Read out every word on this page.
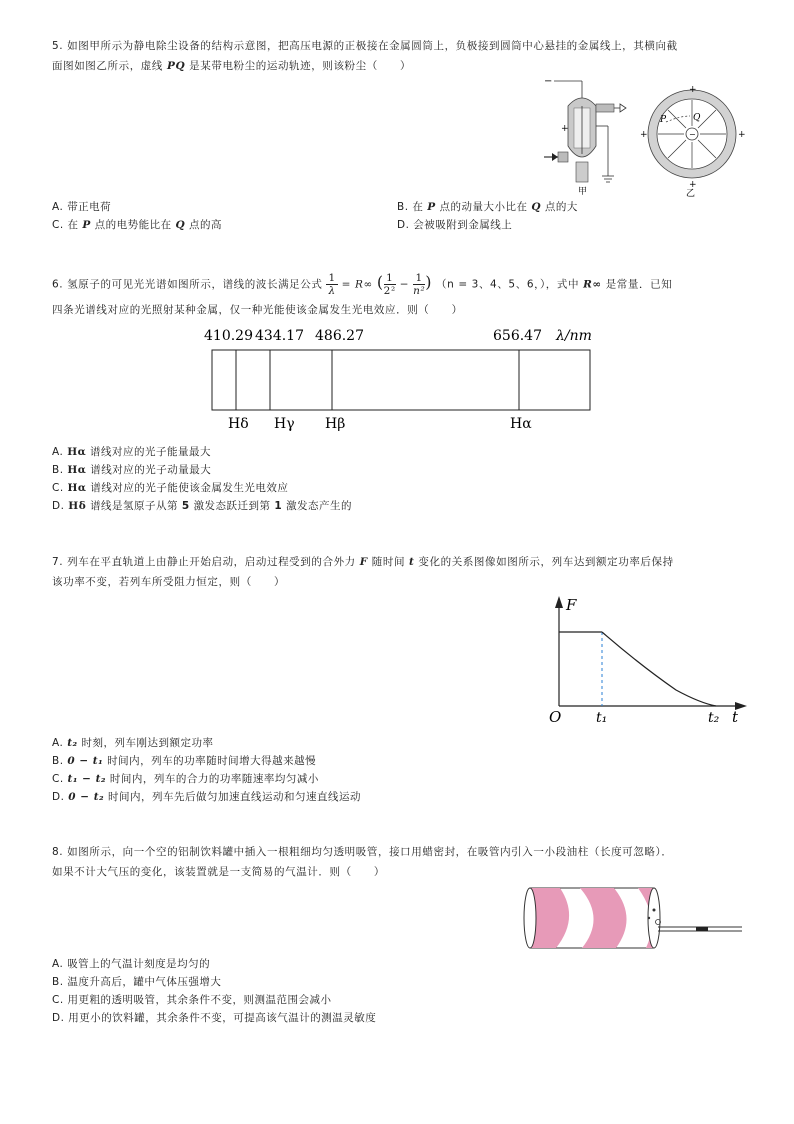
5. 如图甲所示为静电除尘设备的结构示意图，把高压电源的正极接在金属圆筒上，负极接到圆筒中心悬挂的金属线上，其横向截
面图如图乙所示，虚线 PQ 是某带电粉尘的运动轨迹，则该粉尘（　　）
−
+
甲
−
P	Q
+
+	+
+
乙
A. 带正电荷	B. 在 P 点的动量大小比在 Q 点的大
C. 在 P 点的电势能比在 Q 点的高	D. 会被吸附到金属线上
6. 氢原子的可见光光谱如图所示，谱线的波长满足公式 $\frac{1}{\lambda} = R\infty$ ( $\frac{1}{\text{2²}} - \frac{1}{\text{n²}}$ ) （n = 3、4、5、6，），式中 R∞ 是常量．已知
四条光谱线对应的光照射某种金属，仅一种光能使该金属发生光电效应．则（　　）
410.29 434.17 486.27	656.47 λ/nm
Hδ Hγ Hβ	Hα
A. Hα 谱线对应的光子能量最大
B. Hα 谱线对应的光子动量最大
C. Hα 谱线对应的光子能使该金属发生光电效应
D. Hδ 谱线是氢原子从第 5 激发态跃迁到第 1 激发态产生的
7. 列车在平直轨道上由静止开始启动，启动过程受到的合外力 F 随时间 t 变化的关系图像如图所示，列车达到额定功率后保持
该功率不变，若列车所受阻力恒定，则（　　）
F
t
O t₁	t₂
A. t₂ 时刻，列车刚达到额定功率
B. 0 − t₁ 时间内，列车的功率随时间增大得越来越慢
C. t₁ − t₂ 时间内，列车的合力的功率随速率均匀减小
D. 0 − t₂ 时间内，列车先后做匀加速直线运动和匀速直线运动
8. 如图所示，向一个空的铝制饮料罐中插入一根粗细均匀透明吸管，接口用蜡密封，在吸管内引入一小段油柱（长度可忽略）．
如果不计大气压的变化，该装置就是一支简易的气温计．则（　　）
A. 吸管上的气温计刻度是均匀的
B. 温度升高后，罐中气体压强增大
C. 用更粗的透明吸管，其余条件不变，则测温范围会减小
D. 用更小的饮料罐，其余条件不变，可提高该气温计的测温灵敏度
